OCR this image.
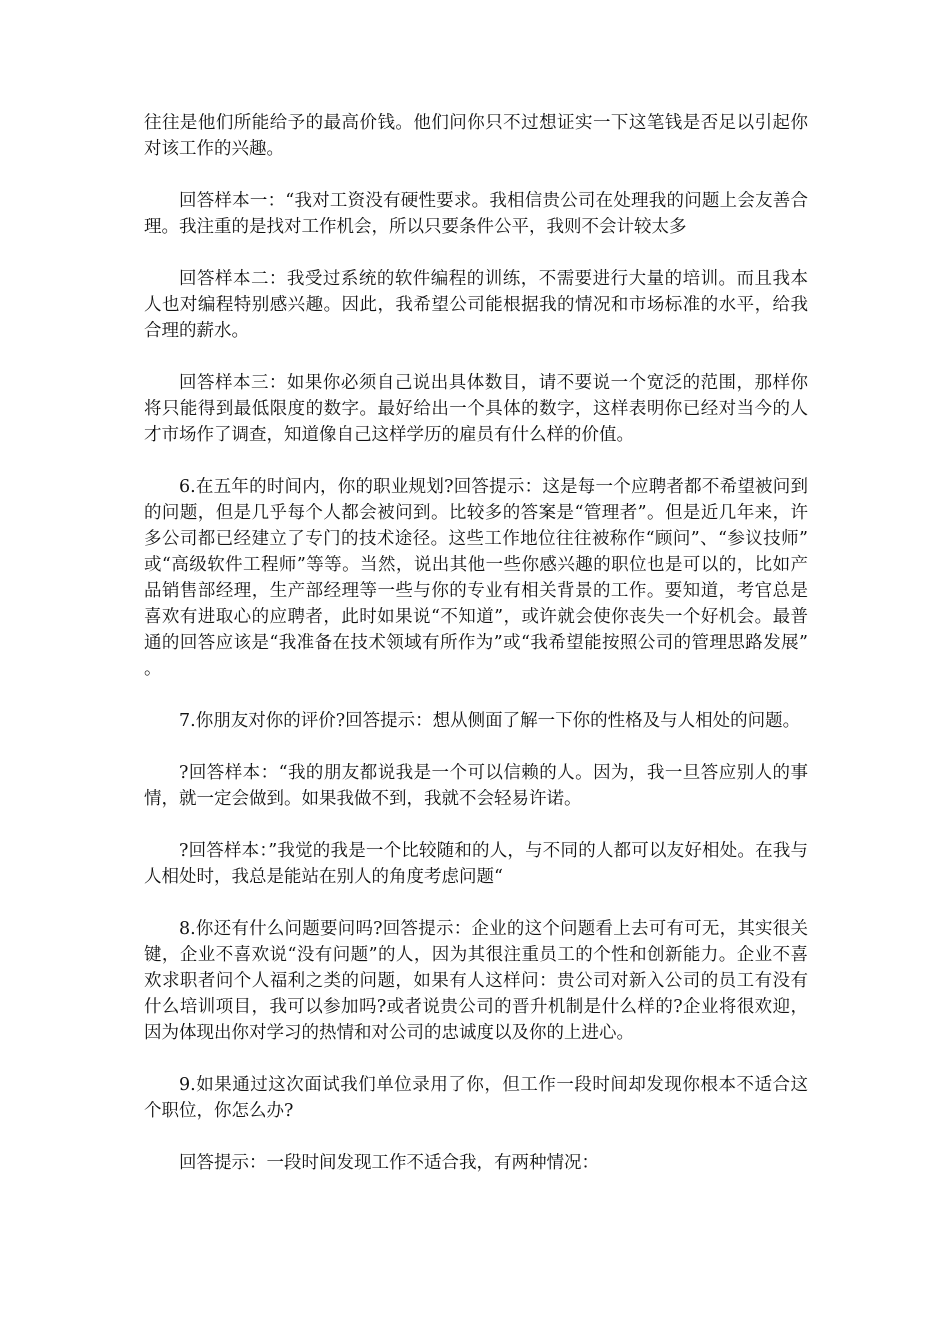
往往是他们所能给予的最高价钱。他们问你只不过想证实一下这笔钱是否足以引起你对该工作的兴趣。

回答样本一：“我对工资没有硬性要求。我相信贵公司在处理我的问题上会友善合理。我注重的是找对工作机会，所以只要条件公平，我则不会计较太多

回答样本二：我受过系统的软件编程的训练，不需要进行大量的培训。而且我本人也对编程特别感兴趣。因此，我希望公司能根据我的情况和市场标准的水平，给我合理的薪水。

回答样本三：如果你必须自己说出具体数目，请不要说一个宽泛的范围，那样你将只能得到最低限度的数字。最好给出一个具体的数字，这样表明你已经对当今的人才市场作了调查，知道像自己这样学历的雇员有什么样的价值。

6.在五年的时间内，你的职业规划?回答提示：这是每一个应聘者都不希望被问到的问题，但是几乎每个人都会被问到。比较多的答案是“管理者”。但是近几年来，许多公司都已经建立了专门的技术途径。这些工作地位往往被称作“顾问”、“参议技师”或“高级软件工程师”等等。当然，说出其他一些你感兴趣的职位也是可以的，比如产品销售部经理，生产部经理等一些与你的专业有相关背景的工作。要知道，考官总是喜欢有进取心的应聘者，此时如果说“不知道”，或许就会使你丧失一个好机会。最普通的回答应该是“我准备在技术领域有所作为”或“我希望能按照公司的管理思路发展”。

7.你朋友对你的评价?回答提示：想从侧面了解一下你的性格及与人相处的问题。

?回答样本：“我的朋友都说我是一个可以信赖的人。因为，我一旦答应别人的事情，就一定会做到。如果我做不到，我就不会轻易许诺。

?回答样本：”我觉的我是一个比较随和的人，与不同的人都可以友好相处。在我与人相处时，我总是能站在别人的角度考虑问题“

8.你还有什么问题要问吗?回答提示：企业的这个问题看上去可有可无，其实很关键，企业不喜欢说“没有问题”的人，因为其很注重员工的个性和创新能力。企业不喜欢求职者问个人福利之类的问题，如果有人这样问：贵公司对新入公司的员工有没有什么培训项目，我可以参加吗?或者说贵公司的晋升机制是什么样的?企业将很欢迎，因为体现出你对学习的热情和对公司的忠诚度以及你的上进心。

9.如果通过这次面试我们单位录用了你，但工作一段时间却发现你根本不适合这个职位，你怎么办?

回答提示：一段时间发现工作不适合我，有两种情况：
